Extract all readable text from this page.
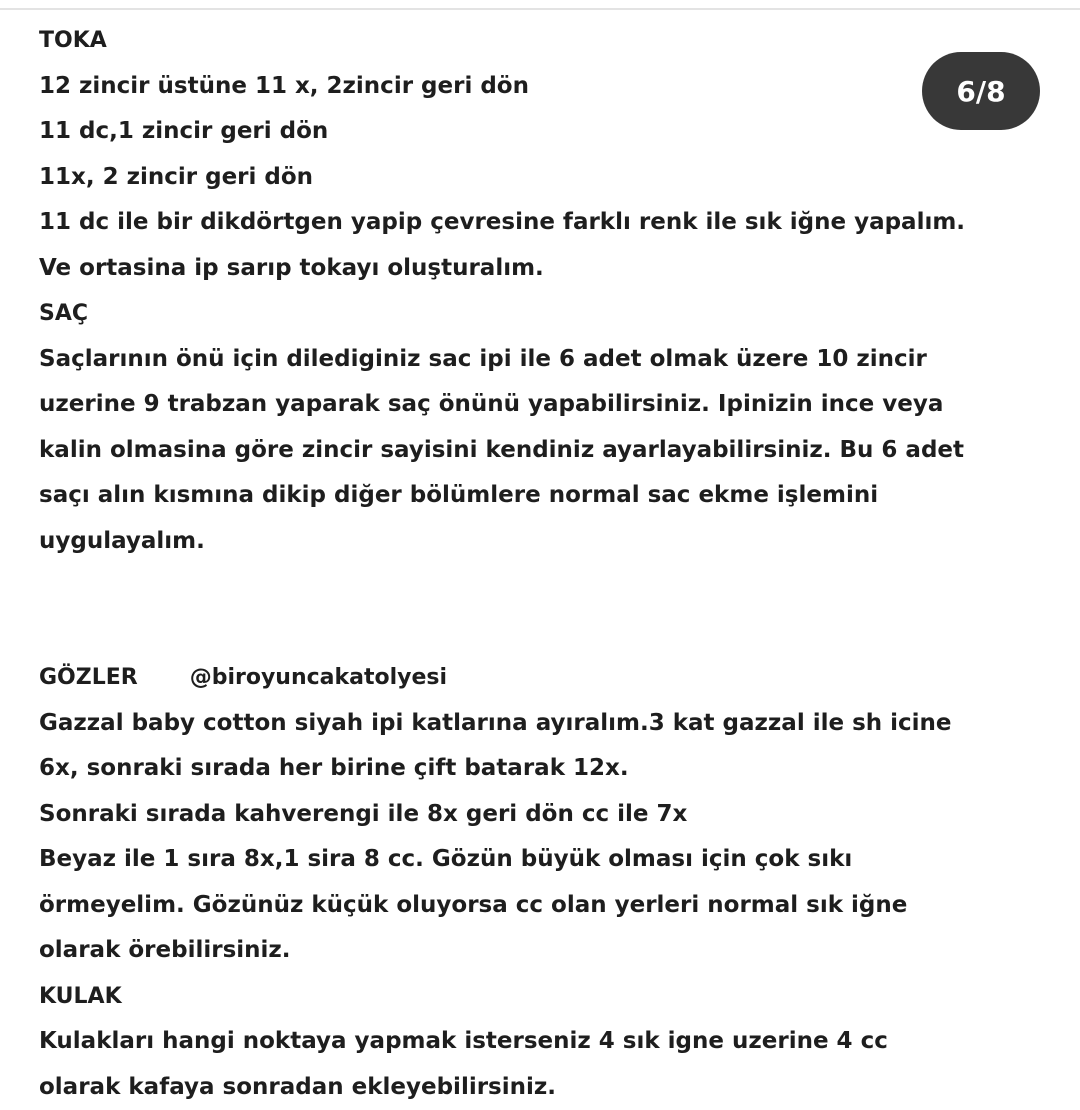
TOKA

12 zincir üstüne 11 x, 2zincir geri dön

11 dc,1 zincir geri dön

11x, 2 zincir geri dön

11 dc ile bir dikdörtgen yapip çevresine farklı renk ile sık iğne yapalım.

Ve ortasina ip sarıp tokayı oluşturalım.

SAÇ

Saçlarının önü için dilediginiz sac ipi ile 6 adet olmak üzere 10 zincir

uzerine 9 trabzan yaparak saç önünü yapabilirsiniz. Ipinizin ince veya

kalin olmasina göre zincir sayisini kendiniz ayarlayabilirsiniz. Bu 6 adet

saçı alın kısmına dikip diğer bölümlere normal sac ekme işlemini

uygulayalım.

GÖZLER @biroyuncakatolyesi

Gazzal baby cotton siyah ipi katlarına ayıralım.3 kat gazzal ile sh icine

6x, sonraki sırada her birine çift batarak 12x.

Sonraki sırada kahverengi ile 8x geri dön cc ile 7x

Beyaz ile 1 sıra 8x,1 sira 8 cc. Gözün büyük olması için çok sıkı

örmeyelim. Gözünüz küçük oluyorsa cc olan yerleri normal sık iğne

olarak örebilirsiniz.

KULAK

Kulakları hangi noktaya yapmak isterseniz 4 sık igne uzerine 4 cc

olarak kafaya sonradan ekleyebilirsiniz.

6/8
